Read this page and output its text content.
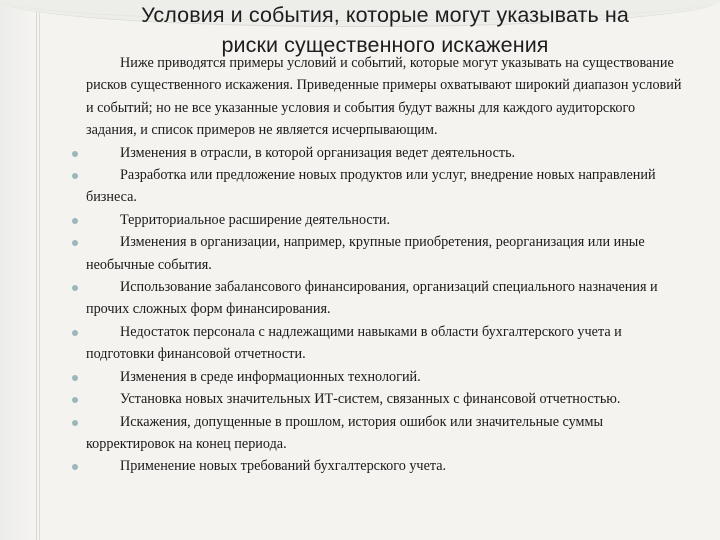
Условия и события, которые могут указывать на
риски существенного искажения

Ниже приводятся примеры условий и событий, которые могут указывать на существование рисков существенного искажения. Приведенные примеры охватывают широкий диапазон условий и событий; но не все указанные условия и события будут важны для каждого аудиторского задания, и список примеров не является исчерпывающим.

Изменения в отрасли, в которой организация ведет деятельность.

Разработка или предложение новых продуктов или услуг, внедрение новых направлений бизнеса.

Территориальное расширение деятельности.

Изменения в организации, например, крупные приобретения, реорганизация или иные необычные события.

Использование забалансового финансирования, организаций специального назначения и прочих сложных форм финансирования.

Недостаток персонала с надлежащими навыками в области бухгалтерского учета и подготовки финансовой отчетности.

Изменения в среде информационных технологий.

Установка новых значительных ИТ-систем, связанных с финансовой отчетностью.

Искажения, допущенные в прошлом, история ошибок или значительные суммы корректировок на конец периода.

Применение новых требований бухгалтерского учета.
